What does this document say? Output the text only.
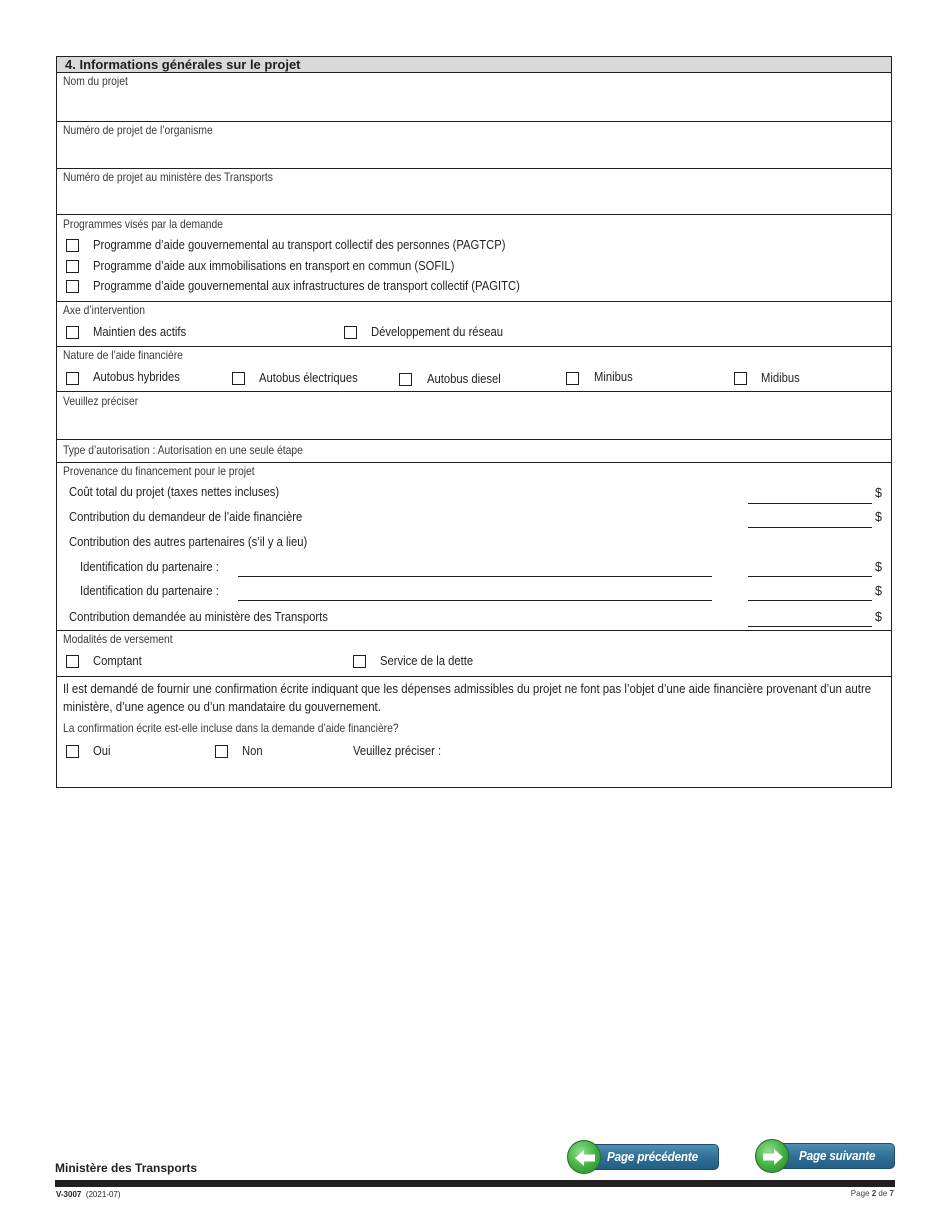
4. Informations générales sur le projet
Nom du projet
Numéro de projet de l’organisme
Numéro de projet au ministère des Transports
Programmes visés par la demande
Programme d’aide gouvernemental au transport collectif des personnes (PAGTCP)
Programme d’aide aux immobilisations en transport en commun (SOFIL)
Programme d’aide gouvernemental aux infrastructures de transport collectif (PAGITC)
Axe d’intervention
Maintien des actifs	Développement du réseau
Nature de l’aide financière
Autobus hybrides	Autobus électriques	Autobus diesel	Minibus	Midibus
Veuillez préciser
Type d’autorisation : Autorisation en une seule étape
Provenance du financement pour le projet
Coût total du projet (taxes nettes incluses)	$
Contribution du demandeur de l’aide financière	$
Contribution des autres partenaires (s’il y a lieu)
Identification du partenaire :	$
Identification du partenaire :	$
Contribution demandée au ministère des Transports	$
Modalités de versement
Comptant	Service de la dette
Il est demandé de fournir une confirmation écrite indiquant que les dépenses admissibles du projet ne font pas l’objet d’une aide financière provenant d’un autre ministère, d’une agence ou d’un mandataire du gouvernement.
La confirmation écrite est-elle incluse dans la demande d’aide financière?
Oui	Non	Veuillez préciser :
Page précédente	Page suivante
Ministère des Transports
V-3007 (2021-07)	Page 2 de 7
